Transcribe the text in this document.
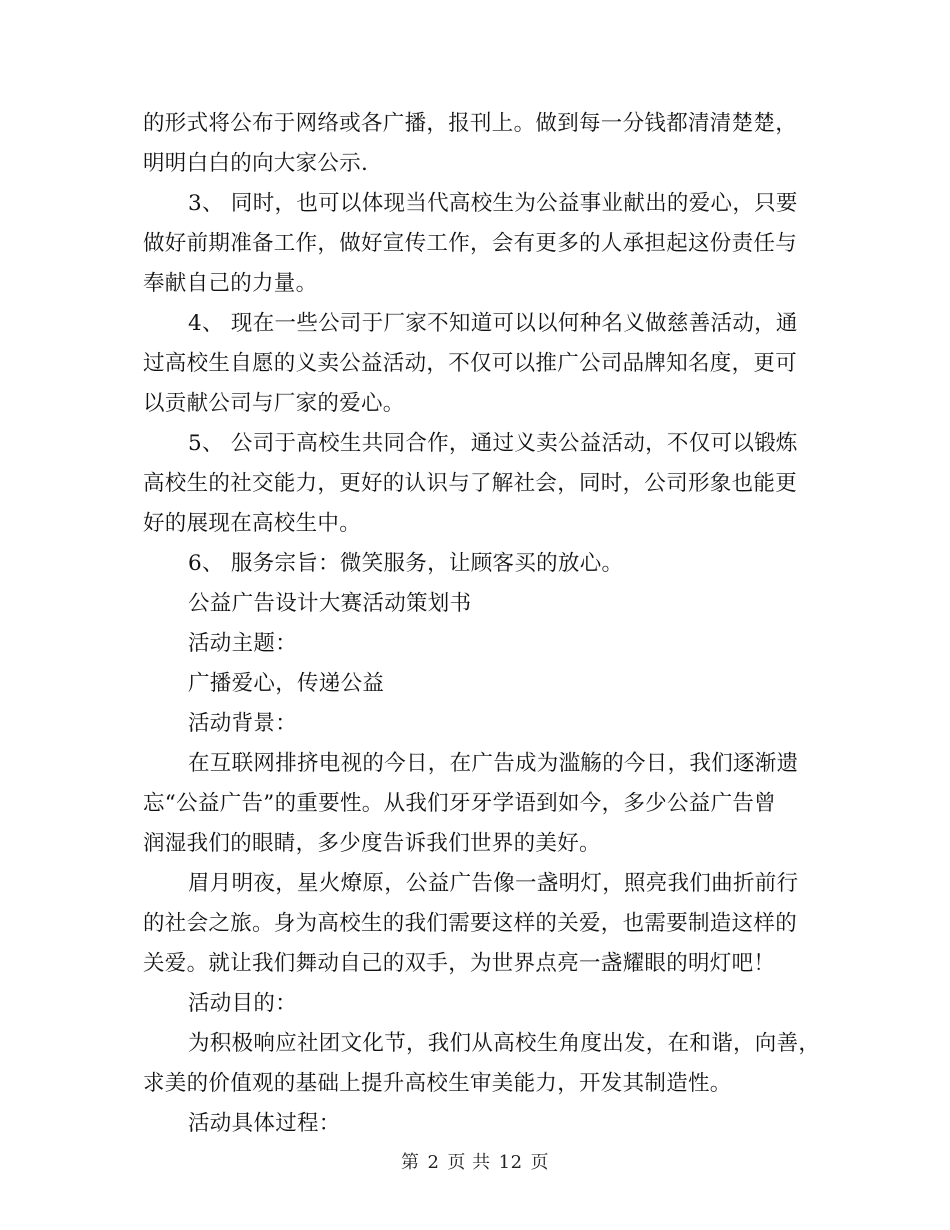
的形式将公布于网络或各广播，报刊上。做到每一分钱都清清楚楚，
明明白白的向大家公示.
3、 同时，也可以体现当代高校生为公益事业献出的爱心，只要
做好前期准备工作，做好宣传工作，会有更多的人承担起这份责任与
奉献自己的力量。
4、 现在一些公司于厂家不知道可以以何种名义做慈善活动，通
过高校生自愿的义卖公益活动，不仅可以推广公司品牌知名度，更可
以贡献公司与厂家的爱心。
5、 公司于高校生共同合作，通过义卖公益活动，不仅可以锻炼
高校生的社交能力，更好的认识与了解社会，同时，公司形象也能更
好的展现在高校生中。
6、 服务宗旨：微笑服务，让顾客买的放心。
公益广告设计大赛活动策划书
活动主题：
广播爱心，传递公益
活动背景：
在互联网排挤电视的今日，在广告成为滥觞的今日，我们逐渐遗
忘“公益广告”的重要性。从我们牙牙学语到如今，多少公益广告曾
润湿我们的眼睛，多少度告诉我们世界的美好。
眉月明夜，星火燎原，公益广告像一盏明灯，照亮我们曲折前行
的社会之旅。身为高校生的我们需要这样的关爱，也需要制造这样的
关爱。就让我们舞动自己的双手，为世界点亮一盏耀眼的明灯吧！
活动目的：
为积极响应社团文化节，我们从高校生角度出发，在和谐，向善，
求美的价值观的基础上提升高校生审美能力，开发其制造性。
活动具体过程：
第 2 页 共 12 页
